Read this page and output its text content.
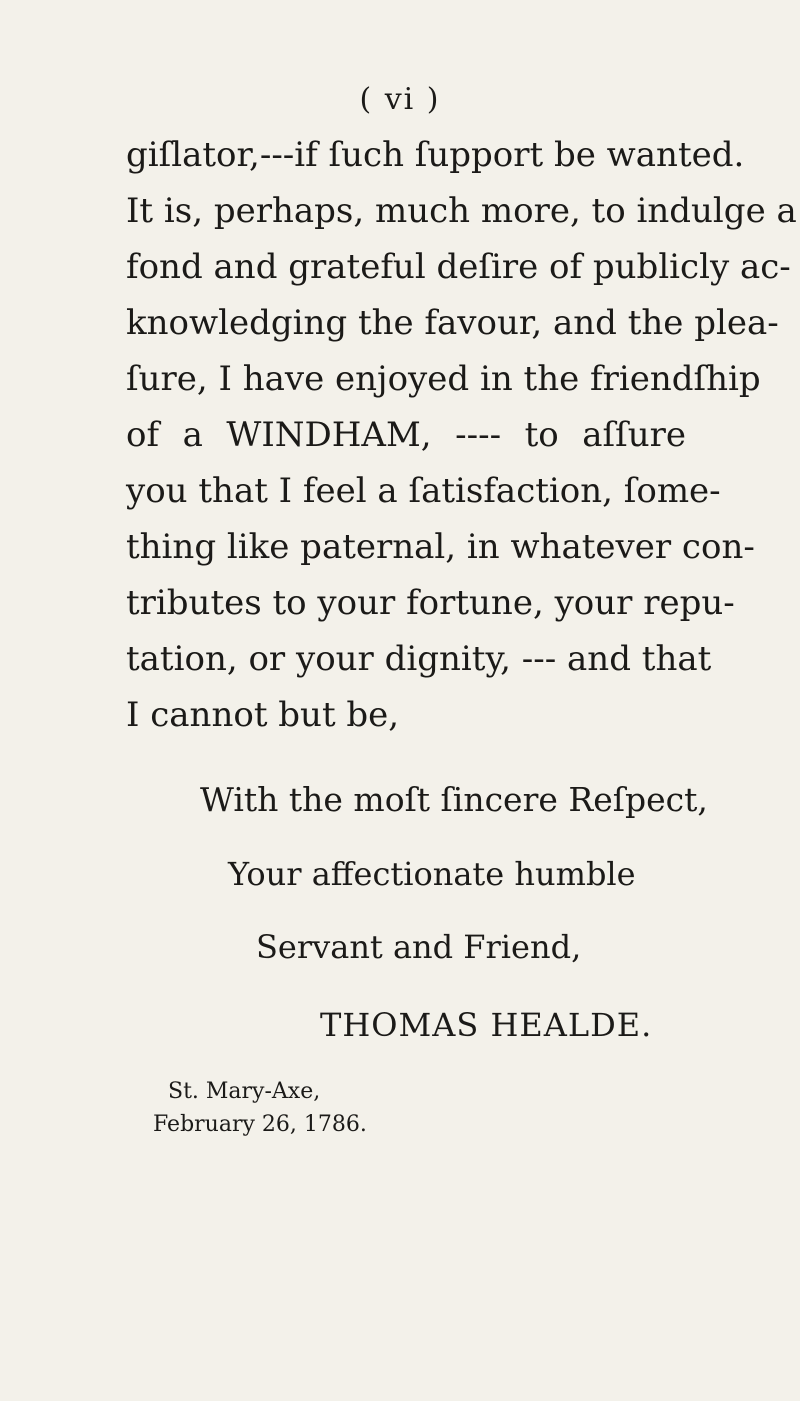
( vi )
giſlator,---if ſuch ſupport be wanted.
It is, perhaps, much more, to indulge a
fond and grateful deſire of publicly ac-
knowledging the favour, and the plea-
ſure, I have enjoyed in the friendſhip
of a WINDHAM, ---- to aſſure
you that I feel a ſatisfaction, ſome-
thing like paternal, in whatever con-
tributes to your fortune, your repu-
tation, or your dignity, --- and that
I cannot but be,
With the moſt ſincere Reſpect,
Your affectionate humble
Servant and Friend,
THOMAS HEALDE.
St. Mary-Axe,
February 26, 1786.
